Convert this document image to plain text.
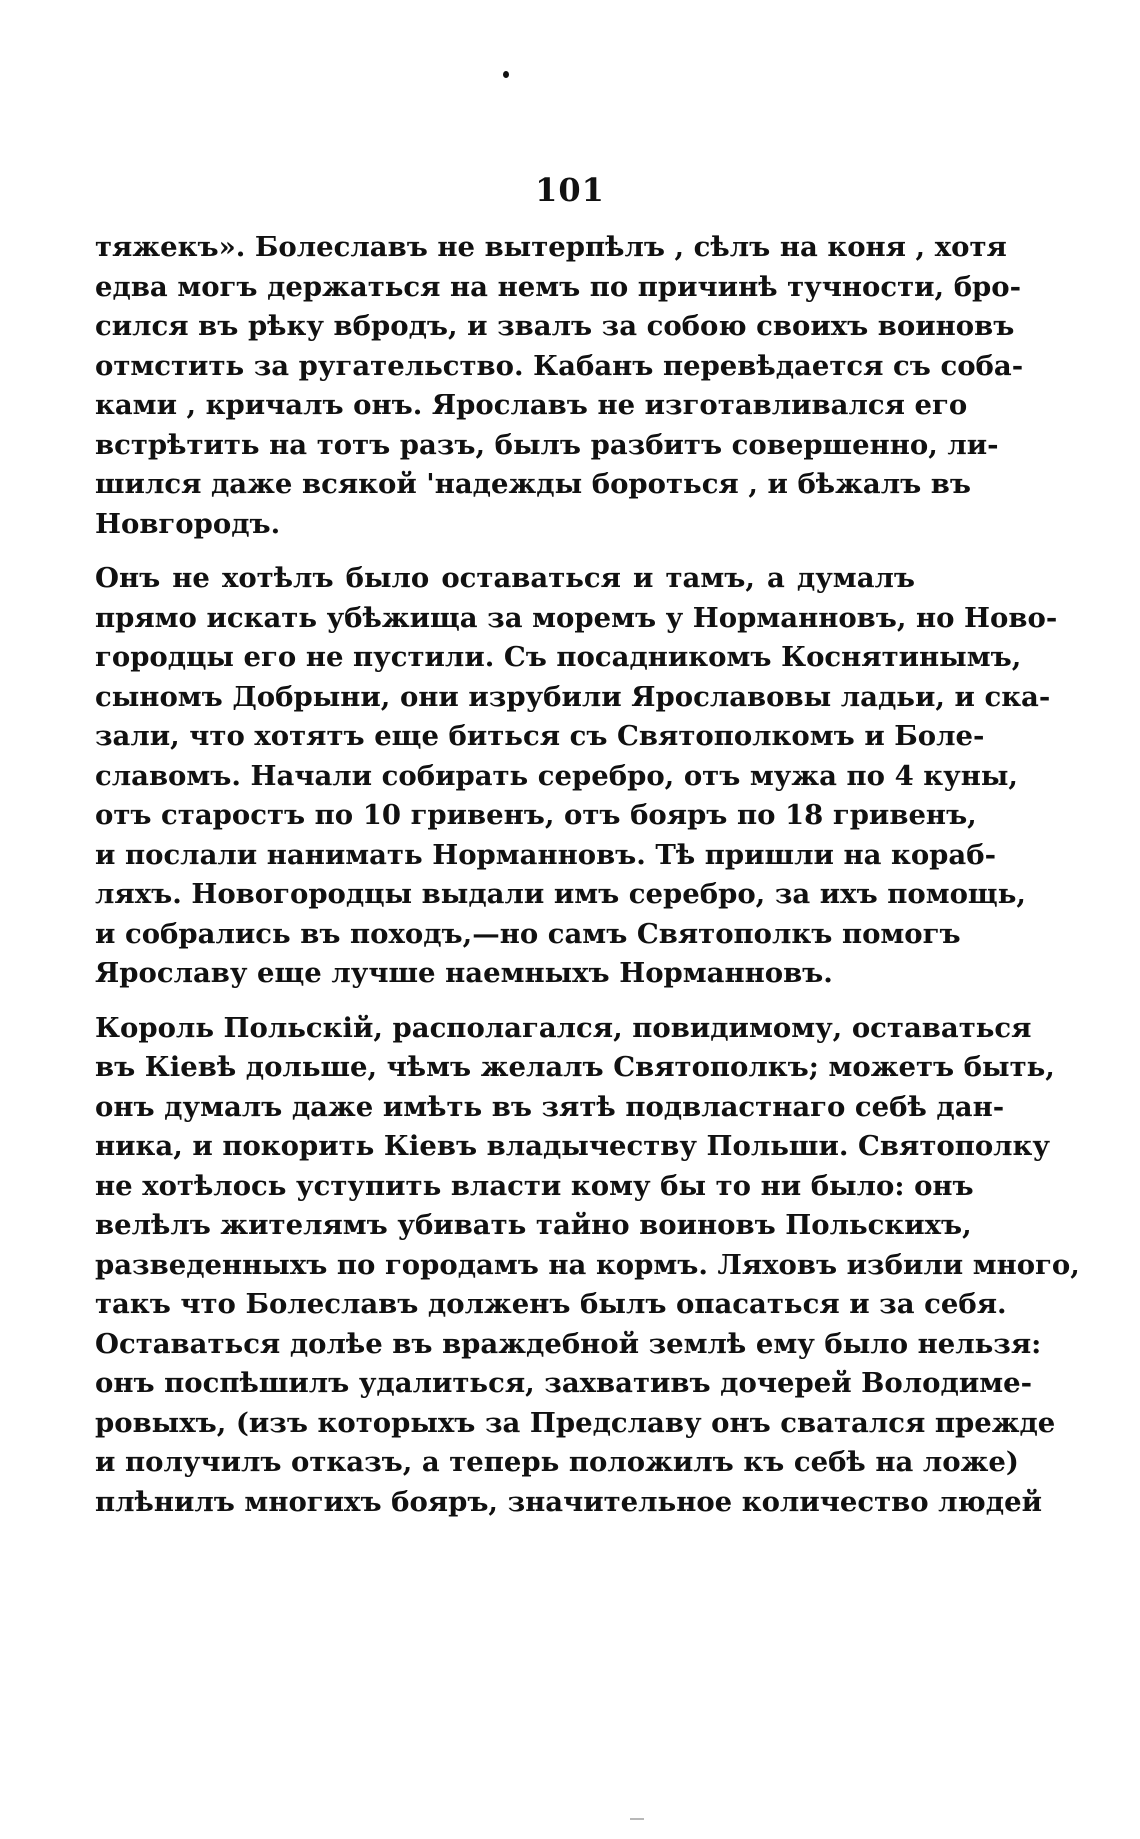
101

тяжекъ». Болеславъ не вытерпѣлъ , сѣлъ на коня , хотя
едва могъ держаться на немъ по причинѣ тучности, бро-
сился въ рѣку вбродъ, и звалъ за собою своихъ воиновъ
отмстить за ругательство. Кабанъ перевѣдается съ соба-
ками , кричалъ онъ. Ярославъ не изготавливался его
встрѣтить на тотъ разъ, былъ разбитъ совершенно, ли-
шился даже всякой 'надежды бороться , и бѣжалъ въ
Новгородъ.

Онъ не хотѣлъ было оставаться и тамъ, а думалъ
прямо искать убѣжища за моремъ у Норманновъ, но Ново-
городцы его не пустили. Съ посадникомъ Коснятинымъ,
сыномъ Добрыни, они изрубили Ярославовы ладьи, и ска-
зали, что хотятъ еще биться съ Святополкомъ и Боле-
славомъ. Начали собирать серебро, отъ мужа по 4 куны,
отъ старостъ по 10 гривенъ, отъ бояръ по 18 гривенъ,
и послали нанимать Норманновъ. Тѣ пришли на кораб-
ляхъ. Новогородцы выдали имъ серебро, за ихъ помощь,
и собрались въ походъ,—но самъ Святополкъ помогъ
Ярославу еще лучше наемныхъ Норманновъ.

Король Польскій, располагался, повидимому, оставаться
въ Кіевѣ дольше, чѣмъ желалъ Святополкъ; можетъ быть,
онъ думалъ даже имѣть въ зятѣ подвластнаго себѣ дан-
ника, и покорить Кіевъ владычеству Польши. Святополку
не хотѣлось уступить власти кому бы то ни было: онъ
велѣлъ жителямъ убивать тайно воиновъ Польскихъ,
разведенныхъ по городамъ на кормъ. Ляховъ избили много,
такъ что Болеславъ долженъ былъ опасаться и за себя.
Оставаться долѣе въ враждебной землѣ ему было нельзя:
онъ поспѣшилъ удалиться, захвативъ дочерей Володиме-
ровыхъ, (изъ которыхъ за Предславу онъ сватался прежде
и получилъ отказъ, а теперь положилъ къ себѣ на ложе)
плѣнилъ многихъ бояръ, значительное количество людей
